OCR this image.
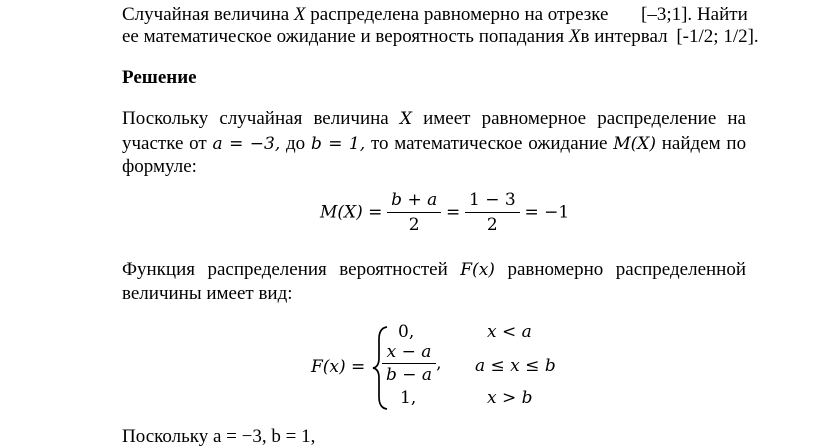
Случайная величина X распределена равномерно на отрезке [–3;1]. Найти
ее математическое ожидание и вероятность попадания Xв интервал [-1/2; 1/2].
Решение
Поскольку случайная величина X имеет равномерное распределение на
участке от a = −3, до b = 1, то математическое ожидание M(X) найдем по
формуле:
$M(X) = \frac{b + a}{2} = \frac{1 - 3}{2} = -1$
Функция распределения вероятностей F(x) равномерно распределенной
величины имеет вид:
F(x) =
0,	x < a
$\frac{x - a}{b - a}$ , a ≤ x ≤ b
1,	x > b
Поскольку a = −3, b = 1,
